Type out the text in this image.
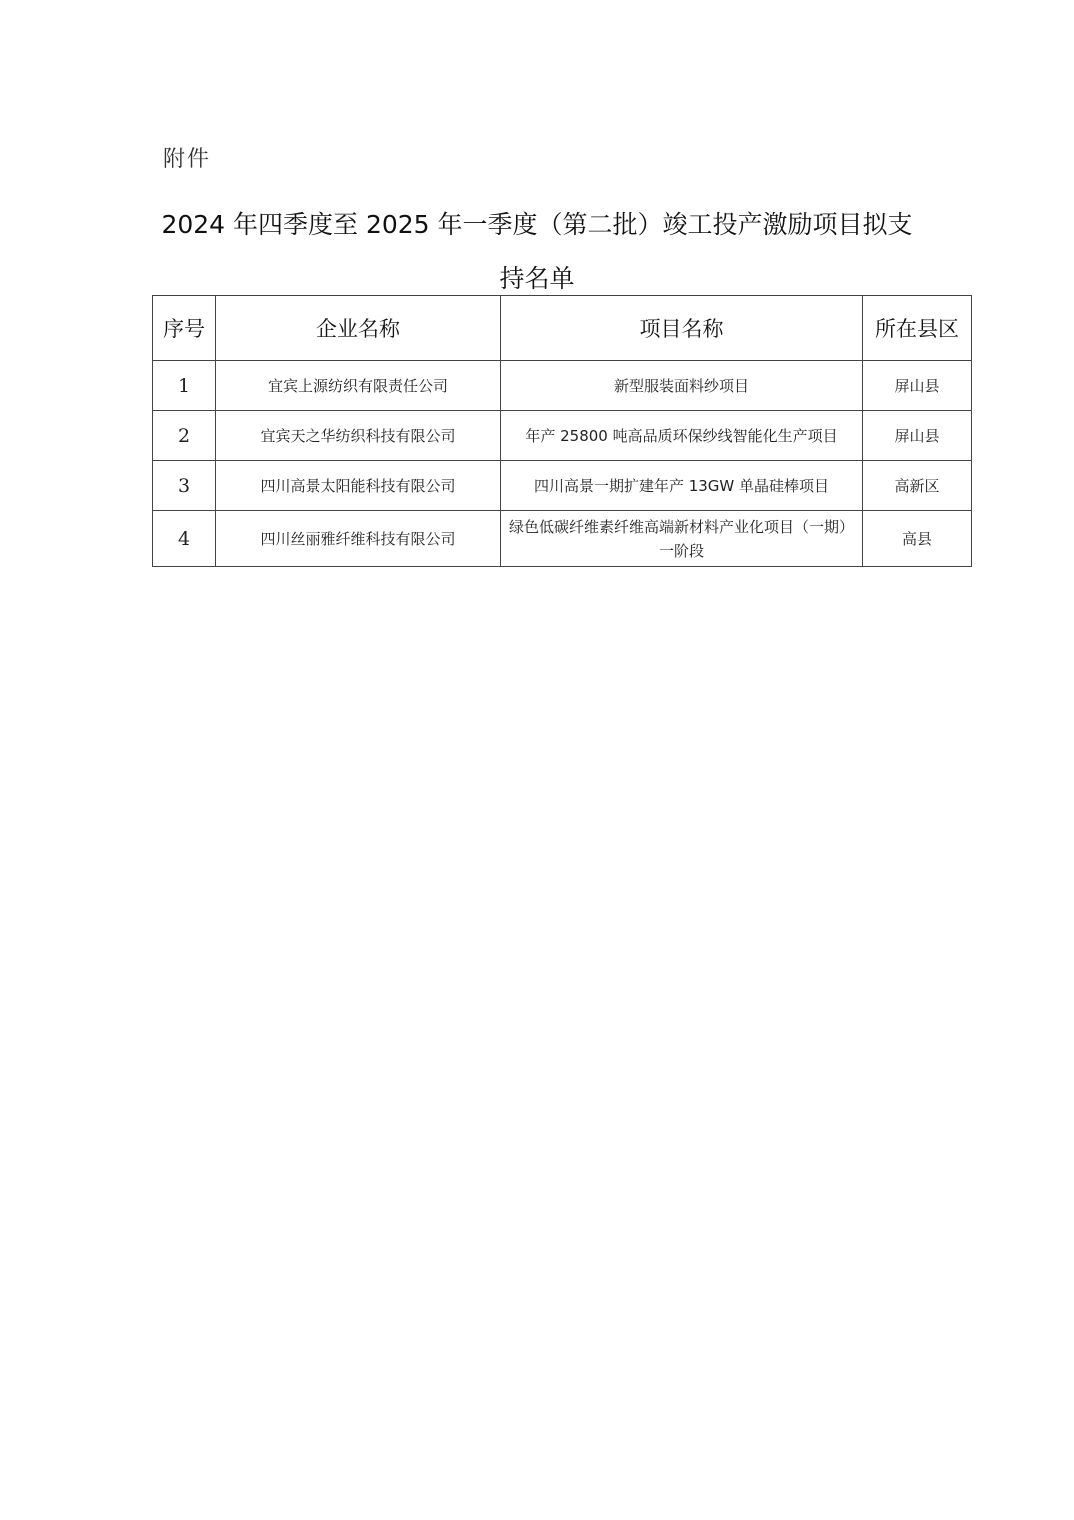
附件
2024 年四季度至 2025 年一季度（第二批）竣工投产激励项目拟支
持名单
序号	企业名称	项目名称	所在县区
1	宜宾上源纺织有限责任公司	新型服装面料纱项目	屏山县
2	宜宾天之华纺织科技有限公司	年产 25800 吨高品质环保纱线智能化生产项目	屏山县
3	四川高景太阳能科技有限公司	四川高景一期扩建年产 13GW 单晶硅棒项目	高新区
4	四川丝丽雅纤维科技有限公司	绿色低碳纤维素纤维高端新材料产业化项目（一期）一阶段	高县
